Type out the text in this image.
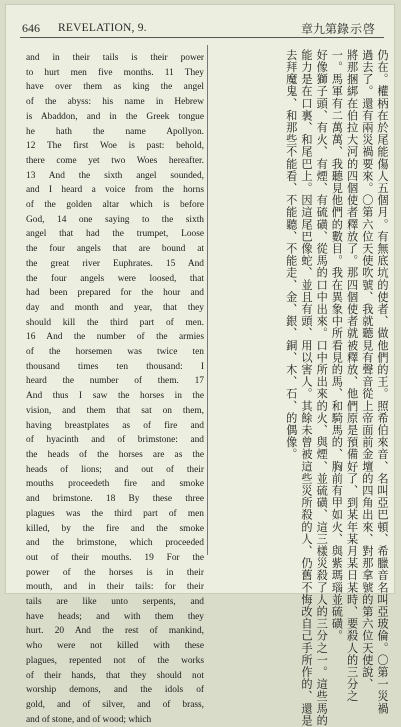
646	REVELATION, 9.	章九第 錄示啓
and in their tails is their power
to hurt men five months. 11 They
have over them as king the angel
of the abyss: his name in Hebrew
is Abaddon, and in the Greek tongue
he hath the name Apollyon.
12 The first Woe is past: behold,
there come yet two Woes hereafter.
13 And the sixth angel sounded,
and I heard a voice from the horns
of the golden altar which is before
God, 14 one saying to the sixth
angel that had the trumpet, Loose
the four angels that are bound at
the great river Euphrates. 15 And
the four angels were loosed, that
had been prepared for the hour and
day and month and year, that they
should kill the third part of men.
16 And the number of the armies
of the horsemen was twice ten
thousand times ten thousand: I
heard the number of them. 17
And thus I saw the horses in the
vision, and them that sat on them,
having breastplates as of fire and
of hyacinth and of brimstone: and
the heads of the horses are as the
heads of lions; and out of their
mouths proceedeth fire and smoke
and brimstone. 18 By these three
plagues was the third part of men
killed, by the fire and the smoke
and the brimstone, which proceeded
out of their mouths. 19 For the
power of the horses is in their
mouth, and in their tails: for their
tails are like unto serpents, and
have heads; and with them they
hurt. 20 And the rest of mankind,
who were not killed with these
plagues, repented not of the works
of their hands, that they should not
worship demons, and the idols of
gold, and of silver, and of brass,
and of stone, and of wood; which
仍在。權柄在於尾能傷人五個月。有無底坑的使者、做他們的王。照希伯來音、名叫亞巴頓、希臘音名叫亞玻倫。〇第一災禍
過去了。還有兩災禍要來。〇第六位天使吹號、我就聽見有聲音從上帝面前金壇的四角出來、對那拿號的第六位天使說、
將那捆綁在伯拉大河的四個使者釋放了。那四個使者就被釋放、他們原是預備好了、到某年某月某日某時、要殺人的三分之
一。馬軍有二萬萬、我聽見他們的數目。我在異象中所看見的馬、和騎馬的、胸前有甲如火、與紫瑪瑙並硫磺。
好像獅子頭、有火、有煙、有硫磺、從馬的口中出來。口中所出來的火、與煙、並硫磺、這三樣災殺了人的三分之一。這些馬的
能力是在口裏、和尾巴上。因這尾巴像蛇、並且有頭、用以害人。其餘未曾被這些災所殺的人、仍舊不悔改自己手所作的、還是
去拜魔鬼、和那些不能看、不能聽、不能走、金、銀、銅、木、石、的偶像。
